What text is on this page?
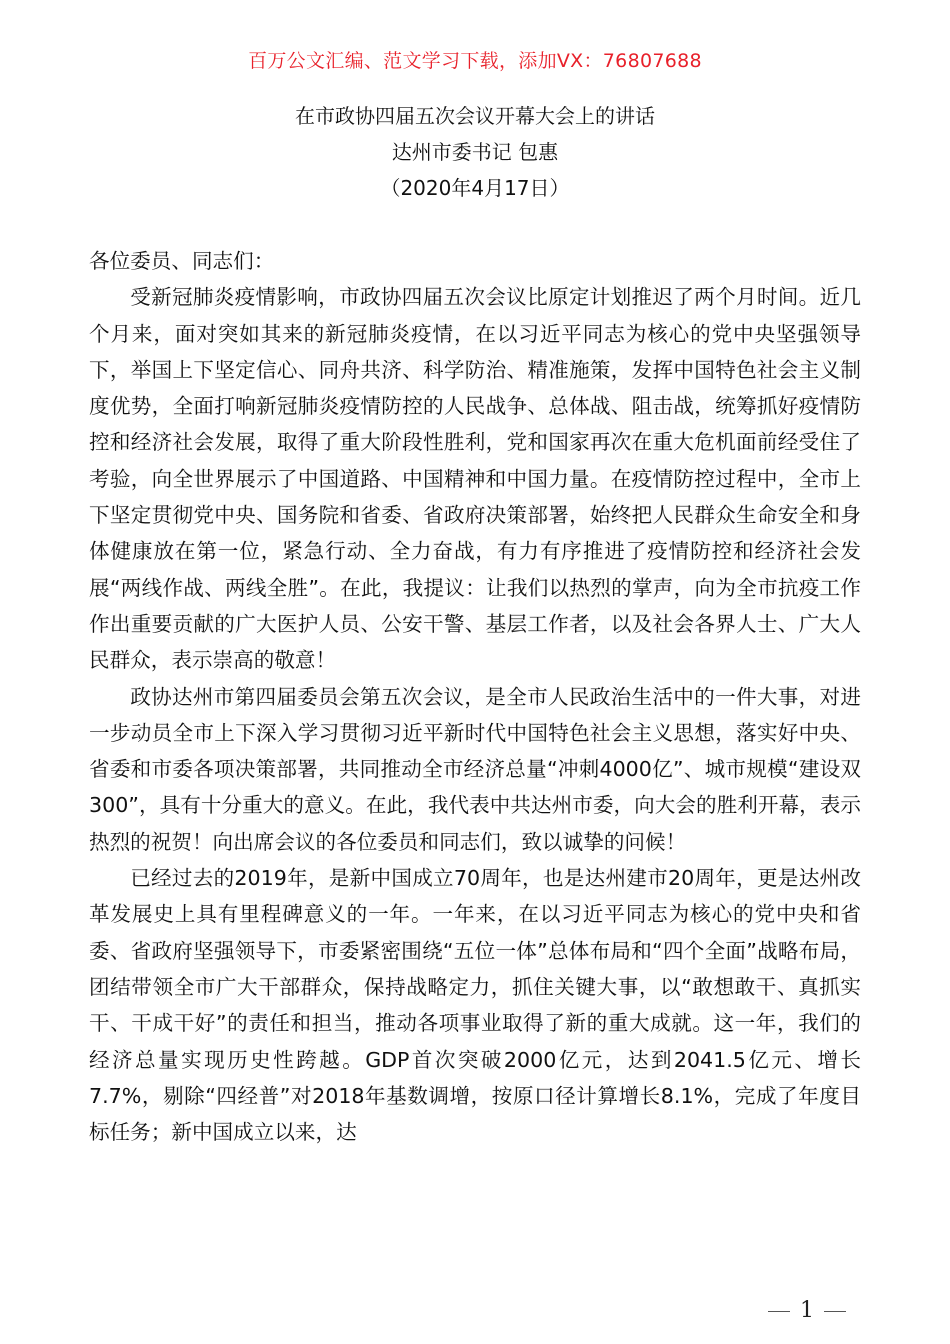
百万公文汇编、范文学习下载，添加VX：76807688
在市政协四届五次会议开幕大会上的讲话
达州市委书记 包惠
（2020年4月17日）

各位委员、同志们：

受新冠肺炎疫情影响，市政协四届五次会议比原定计划推迟了两个月时间。近几个月来，面对突如其来的新冠肺炎疫情，在以习近平同志为核心的党中央坚强领导下，举国上下坚定信心、同舟共济、科学防治、精准施策，发挥中国特色社会主义制度优势，全面打响新冠肺炎疫情防控的人民战争、总体战、阻击战，统筹抓好疫情防控和经济社会发展，取得了重大阶段性胜利，党和国家再次在重大危机面前经受住了考验，向全世界展示了中国道路、中国精神和中国力量。在疫情防控过程中，全市上下坚定贯彻党中央、国务院和省委、省政府决策部署，始终把人民群众生命安全和身体健康放在第一位，紧急行动、全力奋战，有力有序推进了疫情防控和经济社会发展“两线作战、两线全胜”。在此，我提议：让我们以热烈的掌声，向为全市抗疫工作作出重要贡献的广大医护人员、公安干警、基层工作者，以及社会各界人士、广大人民群众，表示崇高的敬意！

政协达州市第四届委员会第五次会议，是全市人民政治生活中的一件大事，对进一步动员全市上下深入学习贯彻习近平新时代中国特色社会主义思想，落实好中央、省委和市委各项决策部署，共同推动全市经济总量“冲刺4000亿”、城市规模“建设双300”，具有十分重大的意义。在此，我代表中共达州市委，向大会的胜利开幕，表示热烈的祝贺！向出席会议的各位委员和同志们，致以诚挚的问候！

已经过去的2019年，是新中国成立70周年，也是达州建市20周年，更是达州改革发展史上具有里程碑意义的一年。一年来，在以习近平同志为核心的党中央和省委、省政府坚强领导下，市委紧密围绕“五位一体”总体布局和“四个全面”战略布局，团结带领全市广大干部群众，保持战略定力，抓住关键大事，以“敢想敢干、真抓实干、干成干好”的责任和担当，推动各项事业取得了新的重大成就。这一年，我们的经济总量实现历史性跨越。GDP首次突破2000亿元，达到2041.5亿元、增长7.7%，剔除“四经普”对2018年基数调增，按原口径计算增长8.1%，完成了年度目标任务；新中国成立以来，达

1
